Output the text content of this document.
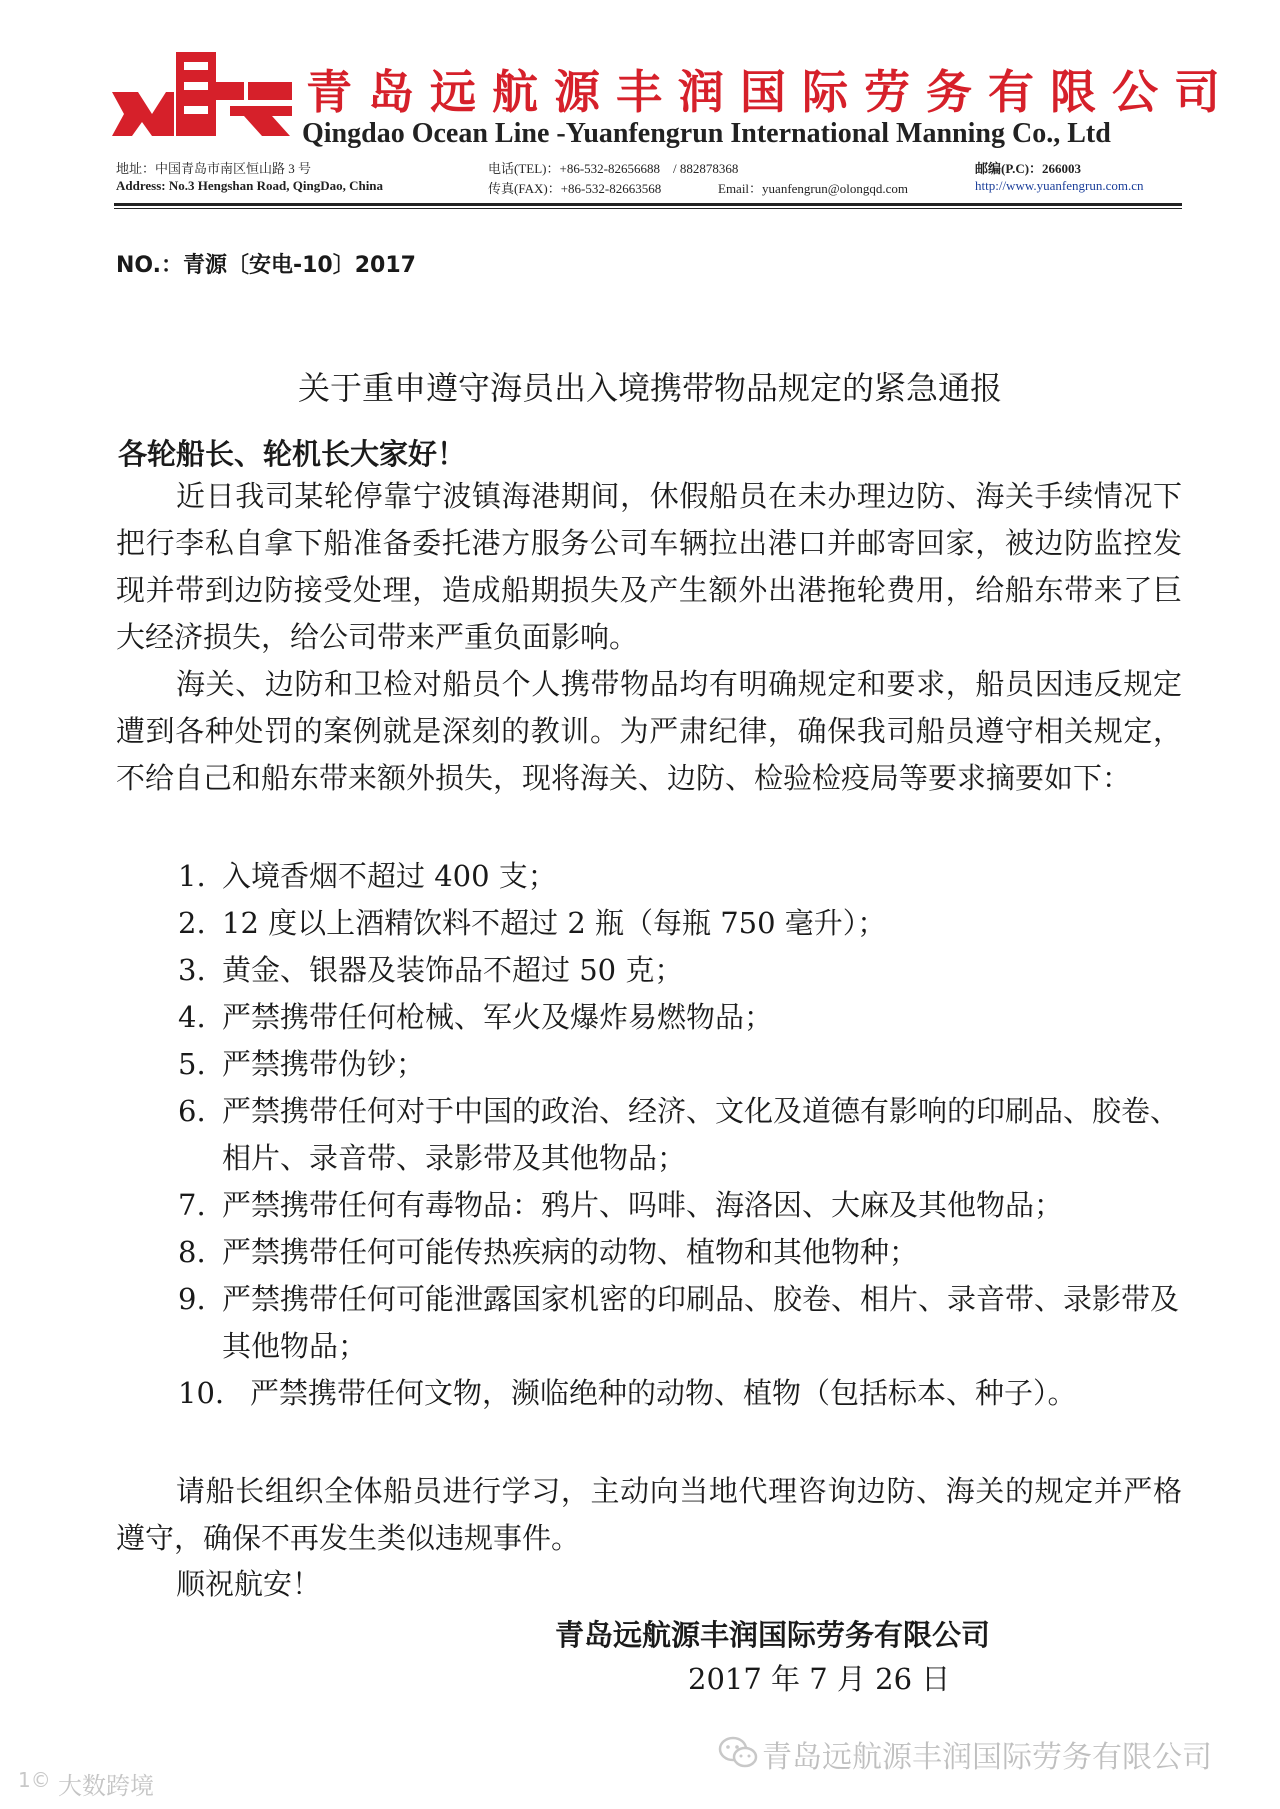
青岛远航源丰润国际劳务有限公司
Qingdao Ocean Line -Yuanfengrun International Manning Co., Ltd
地址：中国青岛市南区恒山路 3 号
Address: No.3 Hengshan Road, QingDao, China
电话(TEL)：+86-532-82656688　/ 882878368
传真(FAX)：+86-532-82663568	Email：yuanfengrun@olongqd.com
邮编(P.C)：266003
http://www.yuanfengrun.com.cn
NO.：青源〔安电-10〕2017
关于重申遵守海员出入境携带物品规定的紧急通报
各轮船长、轮机长大家好！

近日我司某轮停靠宁波镇海港期间，休假船员在未办理边防、海关手续情况下把行李私自拿下船准备委托港方服务公司车辆拉出港口并邮寄回家，被边防监控发现并带到边防接受处理，造成船期损失及产生额外出港拖轮费用，给船东带来了巨大经济损失，给公司带来严重负面影响。

海关、边防和卫检对船员个人携带物品均有明确规定和要求，船员因违反规定遭到各种处罚的案例就是深刻的教训。为严肃纪律，确保我司船员遵守相关规定，不给自己和船东带来额外损失，现将海关、边防、检验检疫局等要求摘要如下：

1. 入境香烟不超过 400 支；
2. 12 度以上酒精饮料不超过 2 瓶（每瓶 750 毫升）；
3. 黄金、银器及装饰品不超过 50 克；
4. 严禁携带任何枪械、军火及爆炸易燃物品；
5. 严禁携带伪钞；
6. 严禁携带任何对于中国的政治、经济、文化及道德有影响的印刷品、胶卷、相片、录音带、录影带及其他物品；
7. 严禁携带任何有毒物品：鸦片、吗啡、海洛因、大麻及其他物品；
8. 严禁携带任何可能传热疾病的动物、植物和其他物种；
9. 严禁携带任何可能泄露国家机密的印刷品、胶卷、相片、录音带、录影带及其他物品；
10. 严禁携带任何文物，濒临绝种的动物、植物（包括标本、种子）。

请船长组织全体船员进行学习，主动向当地代理咨询边防、海关的规定并严格遵守，确保不再发生类似违规事件。

顺祝航安！
青岛远航源丰润国际劳务有限公司
2017 年 7 月 26 日
青岛远航源丰润国际劳务有限公司
1© 大数跨境
